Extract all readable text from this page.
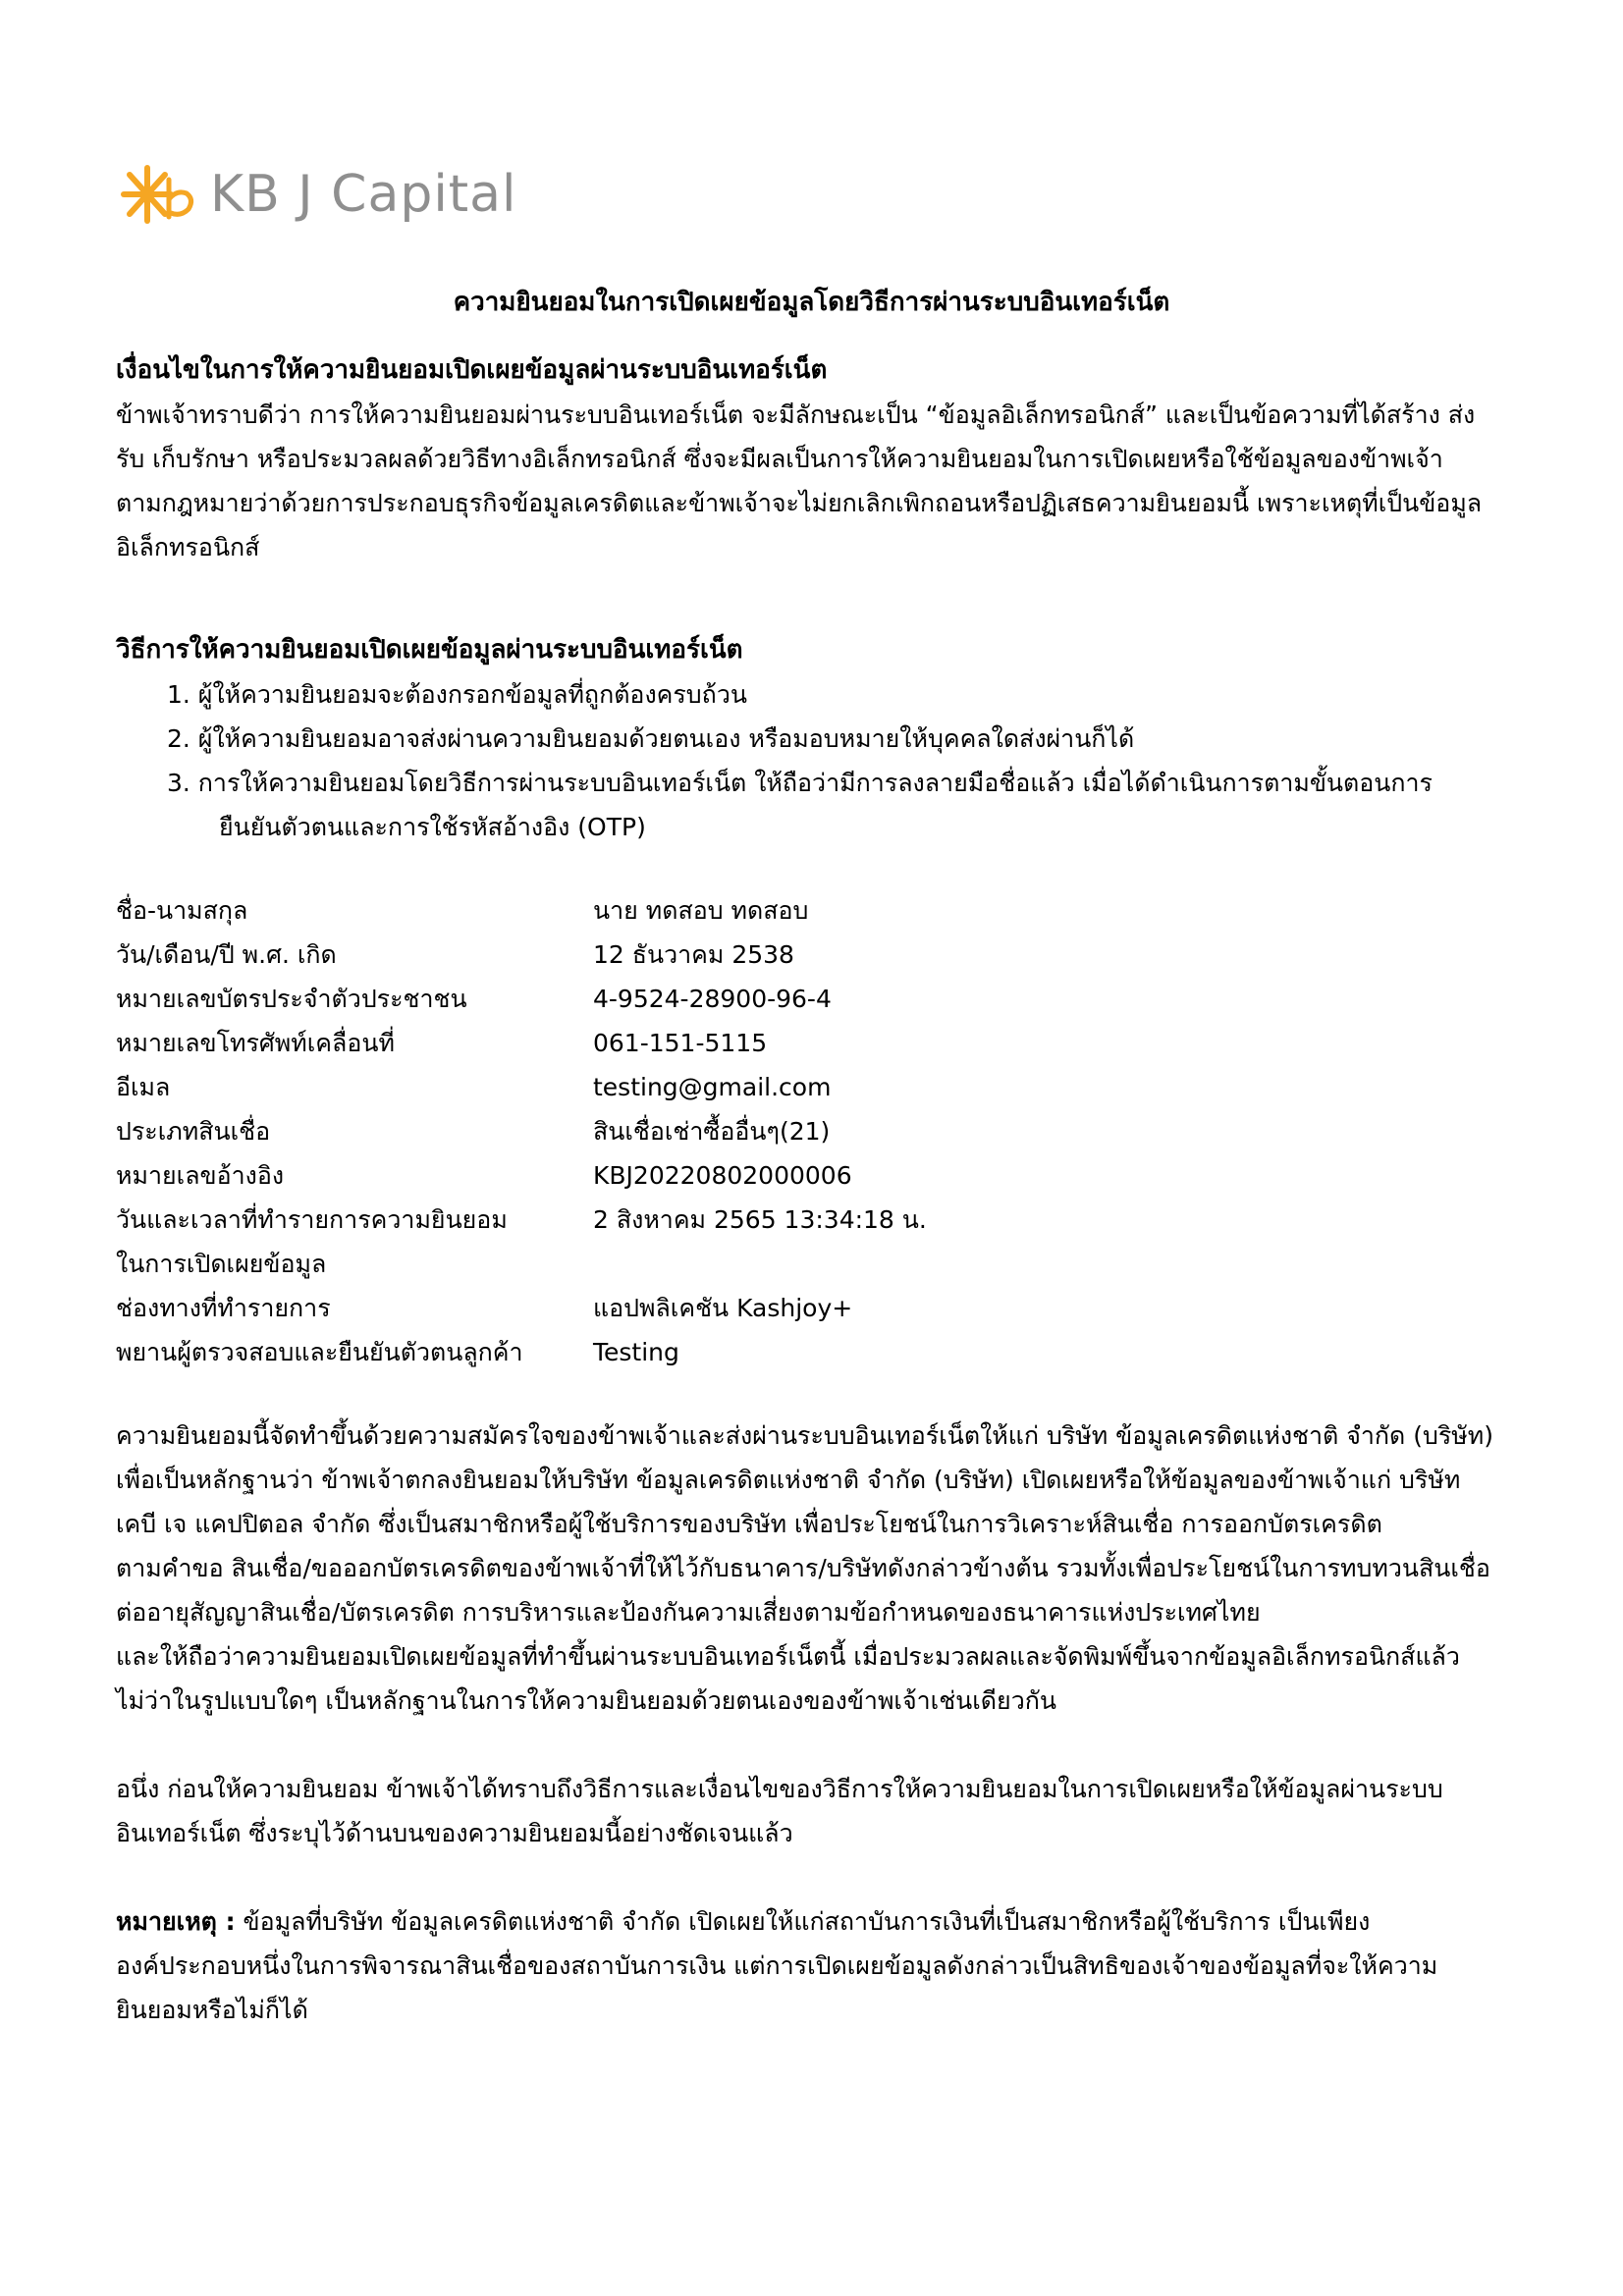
KB J Capital
ความยินยอมในการเปิดเผยข้อมูลโดยวิธีการผ่านระบบอินเทอร์เน็ต
เงื่อนไขในการให้ความยินยอมเปิดเผยข้อมูลผ่านระบบอินเทอร์เน็ต
ข้าพเจ้าทราบดีว่า การให้ความยินยอมผ่านระบบอินเทอร์เน็ต จะมีลักษณะเป็น “ข้อมูลอิเล็กทรอนิกส์” และเป็นข้อความที่ได้สร้าง ส่ง
รับ เก็บรักษา หรือประมวลผลด้วยวิธีทางอิเล็กทรอนิกส์ ซึ่งจะมีผลเป็นการให้ความยินยอมในการเปิดเผยหรือใช้ข้อมูลของข้าพเจ้า
ตามกฎหมายว่าด้วยการประกอบธุรกิจข้อมูลเครดิตและข้าพเจ้าจะไม่ยกเลิกเพิกถอนหรือปฏิเสธความยินยอมนี้ เพราะเหตุที่เป็นข้อมูล
อิเล็กทรอนิกส์
วิธีการให้ความยินยอมเปิดเผยข้อมูลผ่านระบบอินเทอร์เน็ต
1. ผู้ให้ความยินยอมจะต้องกรอกข้อมูลที่ถูกต้องครบถ้วน
2. ผู้ให้ความยินยอมอาจส่งผ่านความยินยอมด้วยตนเอง หรือมอบหมายให้บุคคลใดส่งผ่านก็ได้
3. การให้ความยินยอมโดยวิธีการผ่านระบบอินเทอร์เน็ต ให้ถือว่ามีการลงลายมือชื่อแล้ว เมื่อได้ดำเนินการตามขั้นตอนการ
ยืนยันตัวตนและการใช้รหัสอ้างอิง (OTP)
ชื่อ-นามสกุล	นาย ทดสอบ ทดสอบ
วัน/เดือน/ปี พ.ศ. เกิด	12 ธันวาคม 2538
หมายเลขบัตรประจำตัวประชาชน	4-9524-28900-96-4
หมายเลขโทรศัพท์เคลื่อนที่	061-151-5115
อีเมล	testing@gmail.com
ประเภทสินเชื่อ	สินเชื่อเช่าซื้ออื่นๆ(21)
หมายเลขอ้างอิง	KBJ20220802000006
วันและเวลาที่ทำรายการความยินยอม	2 สิงหาคม 2565 13:34:18 น.
ในการเปิดเผยข้อมูล
ช่องทางที่ทำรายการ	แอปพลิเคชัน Kashjoy+
พยานผู้ตรวจสอบและยืนยันตัวตนลูกค้า	Testing
ความยินยอมนี้จัดทำขึ้นด้วยความสมัครใจของข้าพเจ้าและส่งผ่านระบบอินเทอร์เน็ตให้แก่ บริษัท ข้อมูลเครดิตแห่งชาติ จำกัด (บริษัท)
เพื่อเป็นหลักฐานว่า ข้าพเจ้าตกลงยินยอมให้บริษัท ข้อมูลเครดิตแห่งชาติ จำกัด (บริษัท) เปิดเผยหรือให้ข้อมูลของข้าพเจ้าแก่ บริษัท
เคบี เจ แคปปิตอล จำกัด ซึ่งเป็นสมาชิกหรือผู้ใช้บริการของบริษัท เพื่อประโยชน์ในการวิเคราะห์สินเชื่อ การออกบัตรเครดิต
ตามคำขอ สินเชื่อ/ขอออกบัตรเครดิตของข้าพเจ้าที่ให้ไว้กับธนาคาร/บริษัทดังกล่าวข้างต้น รวมทั้งเพื่อประโยชน์ในการทบทวนสินเชื่อ
ต่ออายุสัญญาสินเชื่อ/บัตรเครดิต การบริหารและป้องกันความเสี่ยงตามข้อกำหนดของธนาคารแห่งประเทศไทย
และให้ถือว่าความยินยอมเปิดเผยข้อมูลที่ทำขึ้นผ่านระบบอินเทอร์เน็ตนี้ เมื่อประมวลผลและจัดพิมพ์ขึ้นจากข้อมูลอิเล็กทรอนิกส์แล้ว
ไม่ว่าในรูปแบบใดๆ เป็นหลักฐานในการให้ความยินยอมด้วยตนเองของข้าพเจ้าเช่นเดียวกัน
อนึ่ง ก่อนให้ความยินยอม ข้าพเจ้าได้ทราบถึงวิธีการและเงื่อนไขของวิธีการให้ความยินยอมในการเปิดเผยหรือให้ข้อมูลผ่านระบบ
อินเทอร์เน็ต ซึ่งระบุไว้ด้านบนของความยินยอมนี้อย่างชัดเจนแล้ว
หมายเหตุ : ข้อมูลที่บริษัท ข้อมูลเครดิตแห่งชาติ จำกัด เปิดเผยให้แก่สถาบันการเงินที่เป็นสมาชิกหรือผู้ใช้บริการ เป็นเพียง
องค์ประกอบหนึ่งในการพิจารณาสินเชื่อของสถาบันการเงิน แต่การเปิดเผยข้อมูลดังกล่าวเป็นสิทธิของเจ้าของข้อมูลที่จะให้ความ
ยินยอมหรือไม่ก็ได้
